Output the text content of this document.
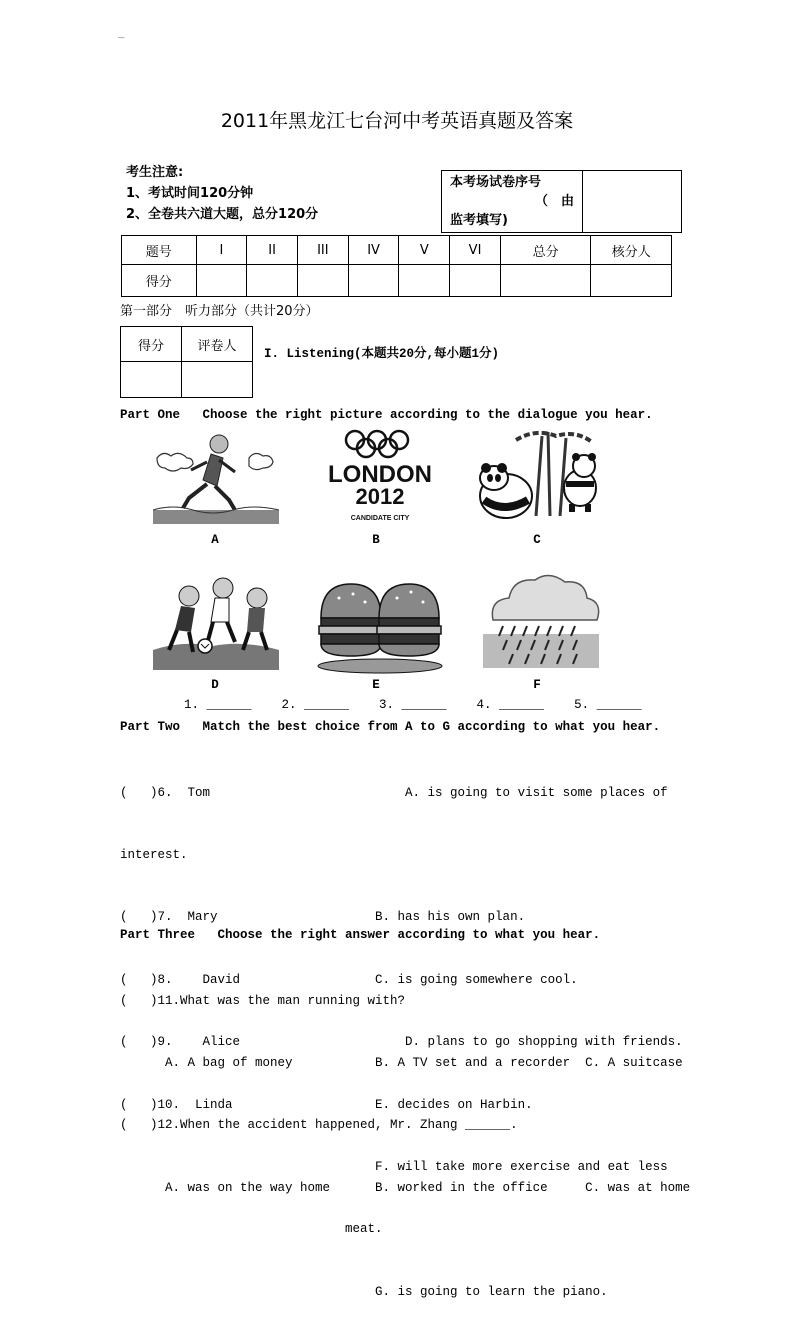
_
2011年黑龙江七台河中考英语真题及答案
考生注意:
1、考试时间120分钟
2、全卷共六道大题，总分120分
本考场试卷序号
（　由
监考填写)

题号	I	II	III	IV	V	VI	总分	核分人
得分								
第一部分　听力部分（共计20分）
得分	评卷人

I. Listening(本题共20分,每小题1分)
Part One   Choose the right picture according to the dialogue you hear.
LONDON
2012
CANDIDATE CITY
A	B	C
D	E	F
1. ______    2. ______    3. ______    4. ______    5. ______
Part Two   Match the best choice from A to G according to what you hear.

(   )6.  Tom                          A. is going to visit some places of

interest.

(   )7.  Mary                     B. has his own plan.

(   )8.    David                  C. is going somewhere cool.

(   )9.    Alice                      D. plans to go shopping with friends.

(   )10.  Linda                   E. decides on Harbin.

F. will take more exercise and eat less

meat.

G. is going to learn the piano.

Part Three   Choose the right answer according to what you hear.

(   )11.What was the man running with?

A. A bag of money           B. A TV set and a recorder  C. A suitcase

(   )12.When the accident happened, Mr. Zhang ______.

A. was on the way home      B. worked in the office     C. was at home
